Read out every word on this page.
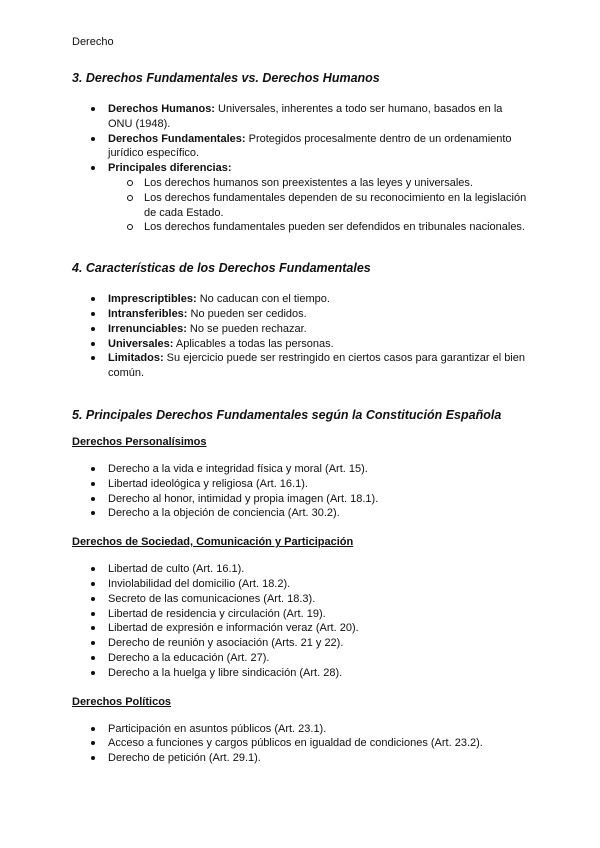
Derecho
3. Derechos Fundamentales vs. Derechos Humanos
Derechos Humanos: Universales, inherentes a todo ser humano, basados en la ONU (1948).
Derechos Fundamentales: Protegidos procesalmente dentro de un ordenamiento jurídico específico.
Principales diferencias:
Los derechos humanos son preexistentes a las leyes y universales.
Los derechos fundamentales dependen de su reconocimiento en la legislación de cada Estado.
Los derechos fundamentales pueden ser defendidos en tribunales nacionales.
4. Características de los Derechos Fundamentales
Imprescriptibles: No caducan con el tiempo.
Intransferibles: No pueden ser cedidos.
Irrenunciables: No se pueden rechazar.
Universales: Aplicables a todas las personas.
Limitados: Su ejercicio puede ser restringido en ciertos casos para garantizar el bien común.
5. Principales Derechos Fundamentales según la Constitución Española
Derechos Personalísimos
Derecho a la vida e integridad física y moral (Art. 15).
Libertad ideológica y religiosa (Art. 16.1).
Derecho al honor, intimidad y propia imagen (Art. 18.1).
Derecho a la objeción de conciencia (Art. 30.2).
Derechos de Sociedad, Comunicación y Participación
Libertad de culto (Art. 16.1).
Inviolabilidad del domicilio (Art. 18.2).
Secreto de las comunicaciones (Art. 18.3).
Libertad de residencia y circulación (Art. 19).
Libertad de expresión e información veraz (Art. 20).
Derecho de reunión y asociación (Arts. 21 y 22).
Derecho a la educación (Art. 27).
Derecho a la huelga y libre sindicación (Art. 28).
Derechos Políticos
Participación en asuntos públicos (Art. 23.1).
Acceso a funciones y cargos públicos en igualdad de condiciones (Art. 23.2).
Derecho de petición (Art. 29.1).
